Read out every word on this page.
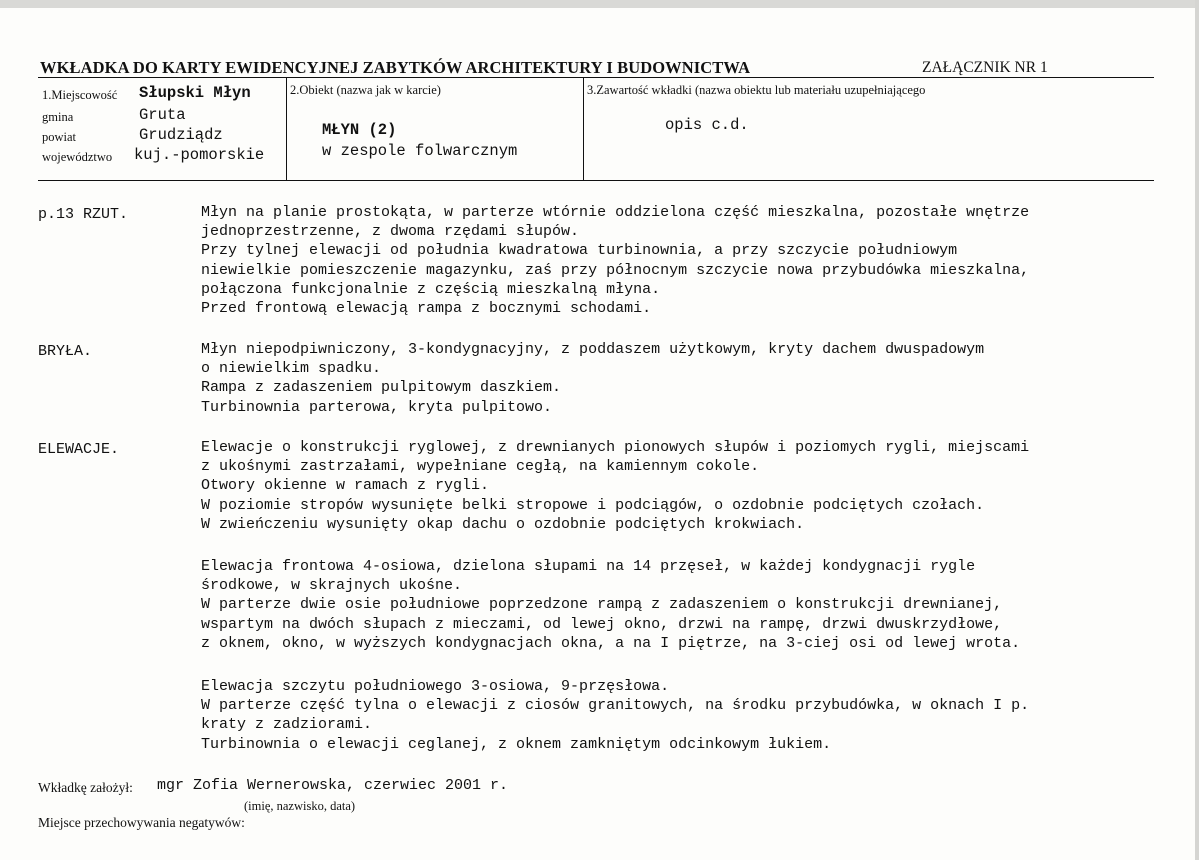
WKŁADKA DO KARTY EWIDENCYJNEJ ZABYTKÓW ARCHITEKTURY I BUDOWNICTWA	ZAŁĄCZNIK NR 1
1.Miejscowość Słupski Młyn
gmina	Gruta
powiat	Grudziądz
województwo kuj.-pomorskie
2.Obiekt (nazwa jak w karcie)
MŁYN (2)
w zespole folwarcznym
3.Zawartość wkładki (nazwa obiektu lub materiału uzupełniającego
opis c.d.
p.13 RZUT.	Młyn na planie prostokąta, w parterze wtórnie oddzielona część mieszkalna, pozostałe wnętrze
jednoprzestrzenne, z dwoma rzędami słupów.
Przy tylnej elewacji od południa kwadratowa turbinownia, a przy szczycie południowym
niewielkie pomieszczenie magazynku, zaś przy północnym szczycie nowa przybudówka mieszkalna,
połączona funkcjonalnie z częścią mieszkalną młyna.
Przed frontową elewacją rampa z bocznymi schodami.
BRYŁA.	Młyn niepodpiwniczony, 3-kondygnacyjny, z poddaszem użytkowym, kryty dachem dwuspadowym
o niewielkim spadku.
Rampa z zadaszeniem pulpitowym daszkiem.
Turbinownia parterowa, kryta pulpitowo.
ELEWACJE.	Elewacje o konstrukcji ryglowej, z drewnianych pionowych słupów i poziomych rygli, miejscami
z ukośnymi zastrzałami, wypełniane cegłą, na kamiennym cokole.
Otwory okienne w ramach z rygli.
W poziomie stropów wysunięte belki stropowe i podciągów, o ozdobnie podciętych czołach.
W zwieńczeniu wysunięty okap dachu o ozdobnie podciętych krokwiach.
Elewacja frontowa 4-osiowa, dzielona słupami na 14 przęseł, w każdej kondygnacji rygle
środkowe, w skrajnych ukośne.
W parterze dwie osie południowe poprzedzone rampą z zadaszeniem o konstrukcji drewnianej,
wspartym na dwóch słupach z mieczami, od lewej okno, drzwi na rampę, drzwi dwuskrzydłowe,
z oknem, okno, w wyższych kondygnacjach okna, a na I piętrze, na 3-ciej osi od lewej wrota.
Elewacja szczytu południowego 3-osiowa, 9-przęsłowa.
W parterze część tylna o elewacji z ciosów granitowych, na środku przybudówka, w oknach I p.
kraty z zadziorami.
Turbinownia o elewacji ceglanej, z oknem zamkniętym odcinkowym łukiem.
Wkładkę założył: mgr Zofia Wernerowska, czerwiec 2001 r.
(imię, nazwisko, data)
Miejsce przechowywania negatywów:
